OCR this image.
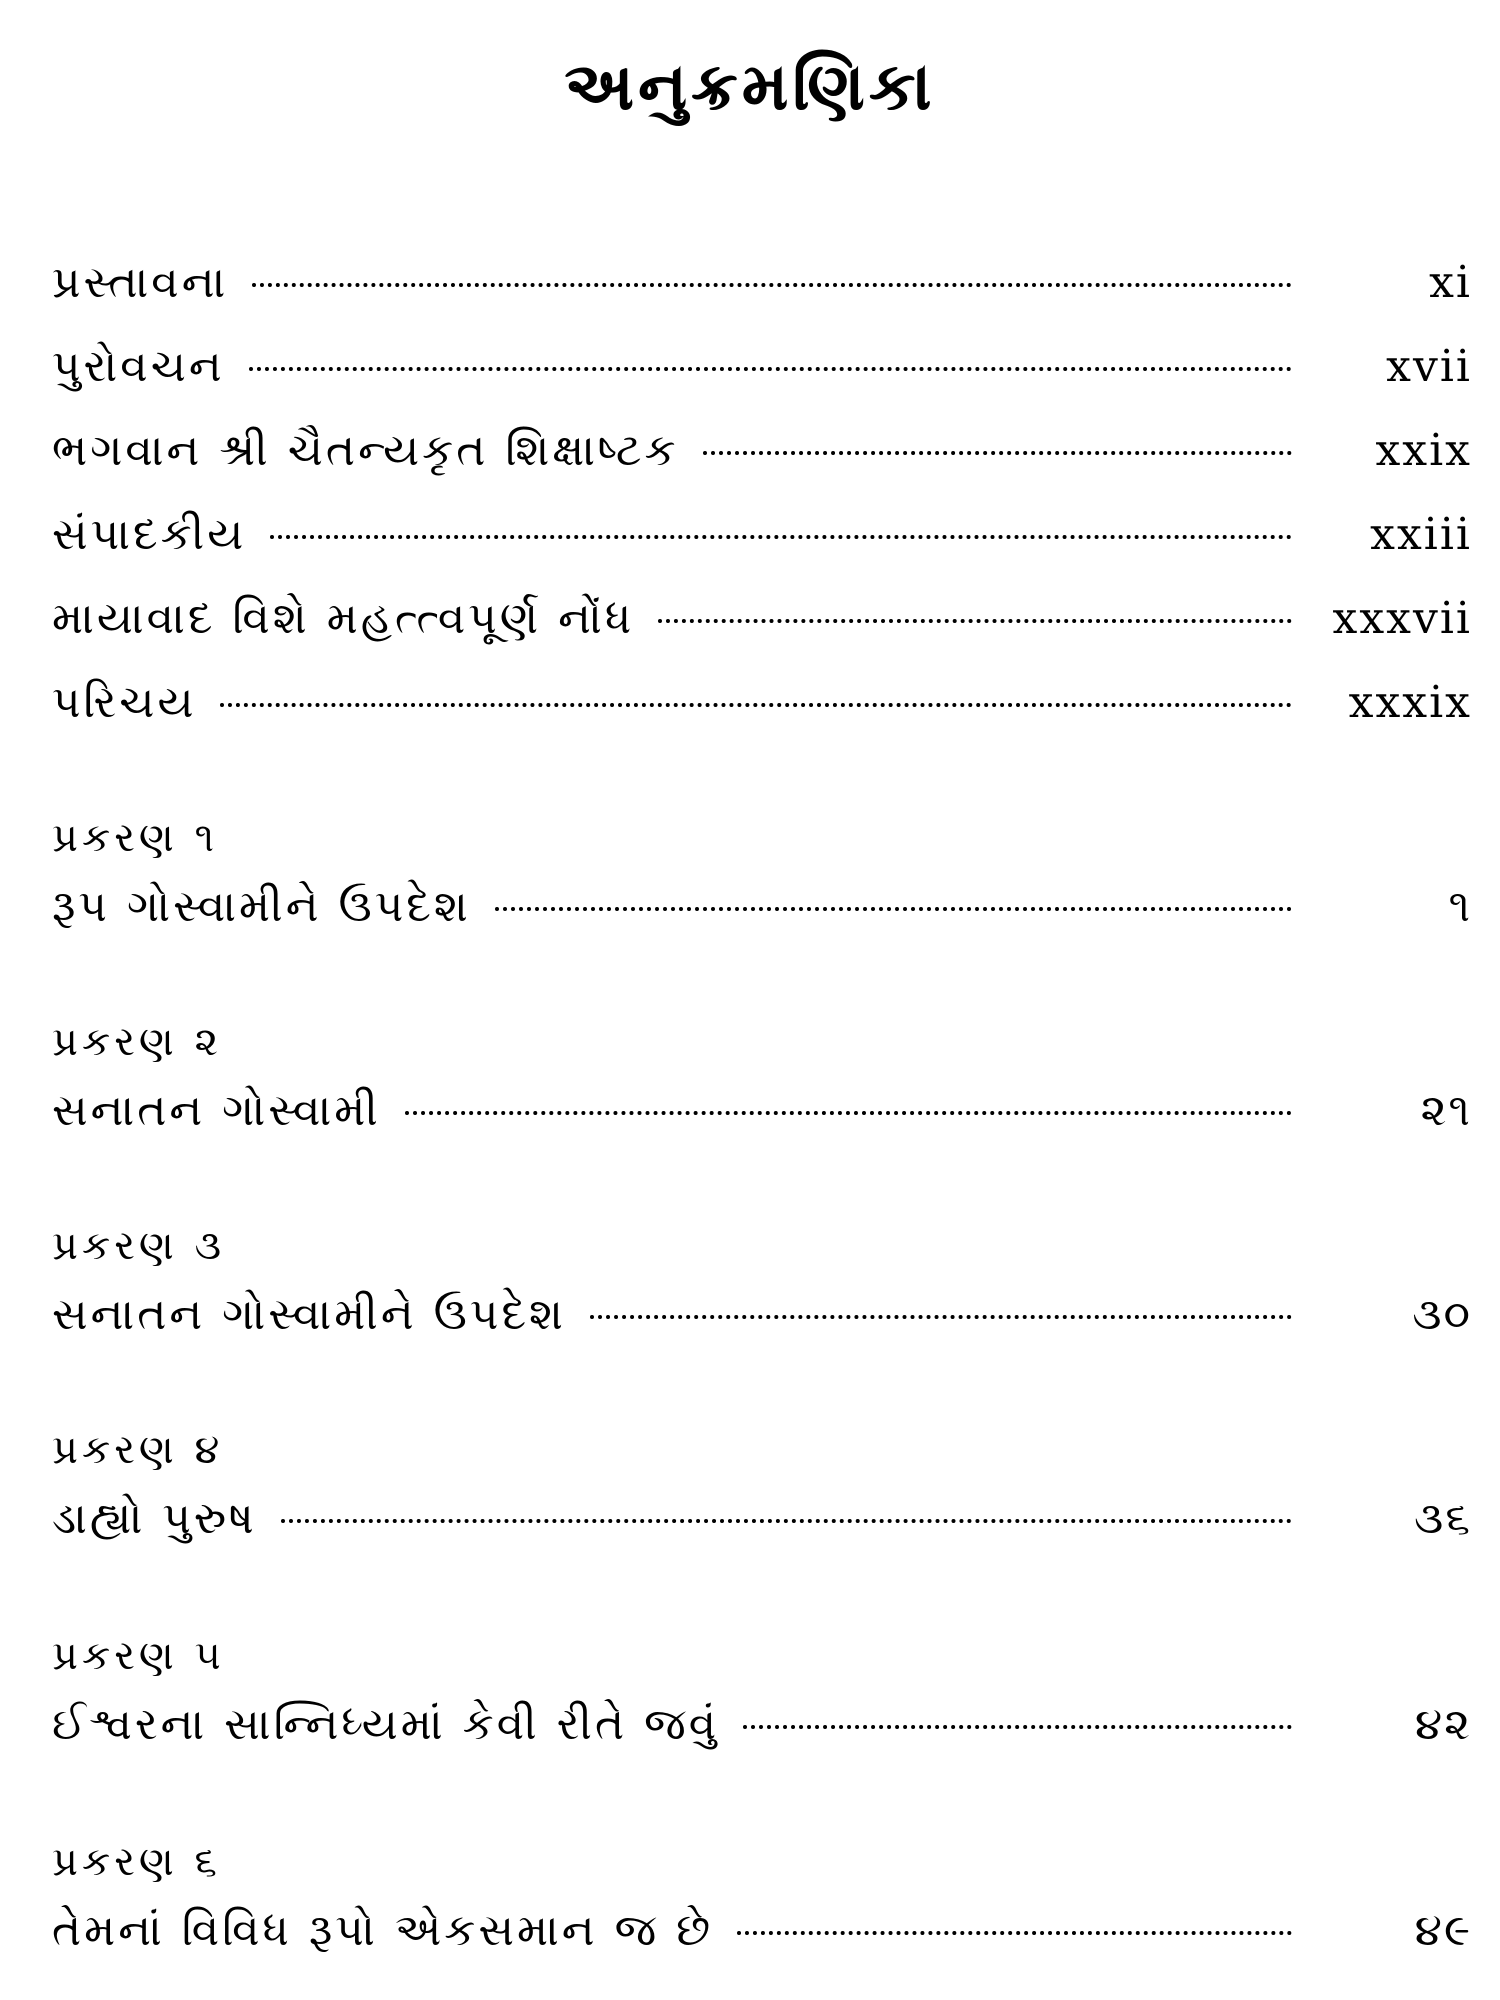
અનુક્રમણિકા
પ્રસ્તાવના	xi
પુરોવચન	xvii
ભગવાન શ્રી ચૈતન્યકૃત શિક્ષાષ્ટક	xxix
સંપાદકીય	xxiii
માયાવાદ વિશે મહત્ત્વપૂર્ણ નોંધ	xxxvii
પરિચય	xxxix
પ્રકરણ ૧
રૂપ ગોસ્વામીને ઉપદેશ	૧
પ્રકરણ ૨
સનાતન ગોસ્વામી	૨૧
પ્રકરણ ૩
સનાતન ગોસ્વામીને ઉપદેશ	૩૦
પ્રકરણ ૪
ડાહ્યો પુરુષ	૩૬
પ્રકરણ ૫
ઈશ્વરના સાન્નિધ્યમાં કેવી રીતે જવું	૪૨
પ્રકરણ ૬
તેમનાં વિવિધ રૂપો એકસમાન જ છે	૪૯
